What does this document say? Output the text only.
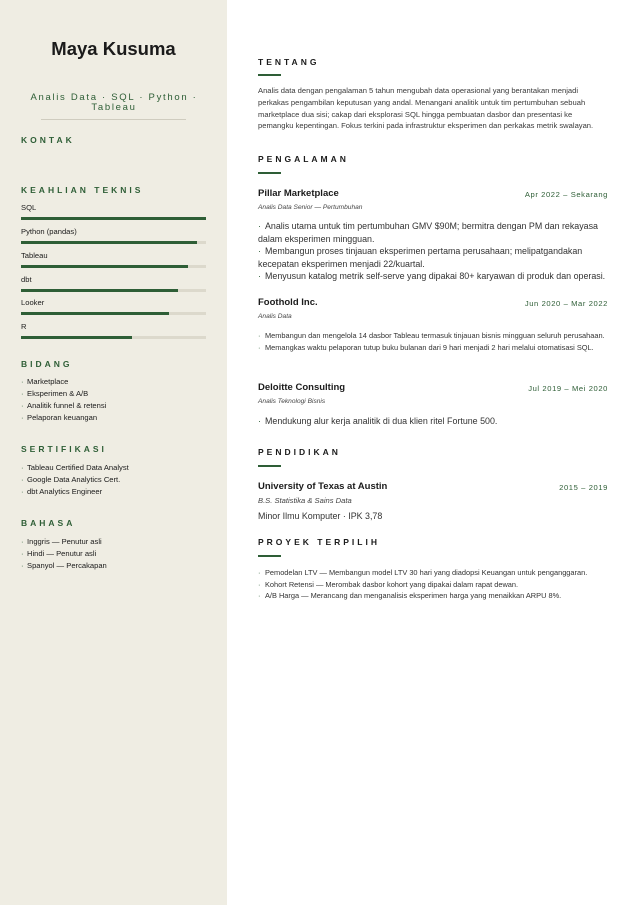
Maya Kusuma
Analis Data · SQL · Python · Tableau
KONTAK
KEAHLIAN TEKNIS
SQL
Python (pandas)
Tableau
dbt
Looker
R
BIDANG
· Marketplace
· Eksperimen & A/B
· Analitik funnel & retensi
· Pelaporan keuangan
SERTIFIKASI
· Tableau Certified Data Analyst
· Google Data Analytics Cert.
· dbt Analytics Engineer
BAHASA
· Inggris — Penutur asli
· Hindi — Penutur asli
· Spanyol — Percakapan
TENTANG

Analis data dengan pengalaman 5 tahun mengubah data operasional yang berantakan menjadi perkakas pengambilan keputusan yang andal. Menangani analitik untuk tim pertumbuhan sebuah marketplace dua sisi; cakap dari eksplorasi SQL hingga pembuatan dasbor dan presentasi ke pemangku kepentingan. Fokus terkini pada infrastruktur eksperimen dan perkakas metrik swalayan.

PENGALAMAN
Pillar Marketplace	Apr 2022 – Sekarang
Analis Data Senior — Pertumbuhan
· Analis utama untuk tim pertumbuhan GMV $90M; bermitra dengan PM dan rekayasa dalam eksperimen mingguan.
· Membangun proses tinjauan eksperimen pertama perusahaan; melipatgandakan kecepatan eksperimen menjadi 22/kuartal.
· Menyusun katalog metrik self-serve yang dipakai 80+ karyawan di produk dan operasi.
Foothold Inc.	Jun 2020 – Mar 2022
Analis Data
· Membangun dan mengelola 14 dasbor Tableau termasuk tinjauan bisnis mingguan seluruh perusahaan.
· Memangkas waktu pelaporan tutup buku bulanan dari 9 hari menjadi 2 hari melalui otomatisasi SQL.
Deloitte Consulting	Jul 2019 – Mei 2020
Analis Teknologi Bisnis
· Mendukung alur kerja analitik di dua klien ritel Fortune 500.
PENDIDIKAN
University of Texas at Austin	2015 – 2019
B.S. Statistika & Sains Data
Minor Ilmu Komputer · IPK 3,78
PROYEK TERPILIH
· Pemodelan LTV — Membangun model LTV 30 hari yang diadopsi Keuangan untuk penganggaran.
· Kohort Retensi — Merombak dasbor kohort yang dipakai dalam rapat dewan.
· A/B Harga — Merancang dan menganalisis eksperimen harga yang menaikkan ARPU 8%.
